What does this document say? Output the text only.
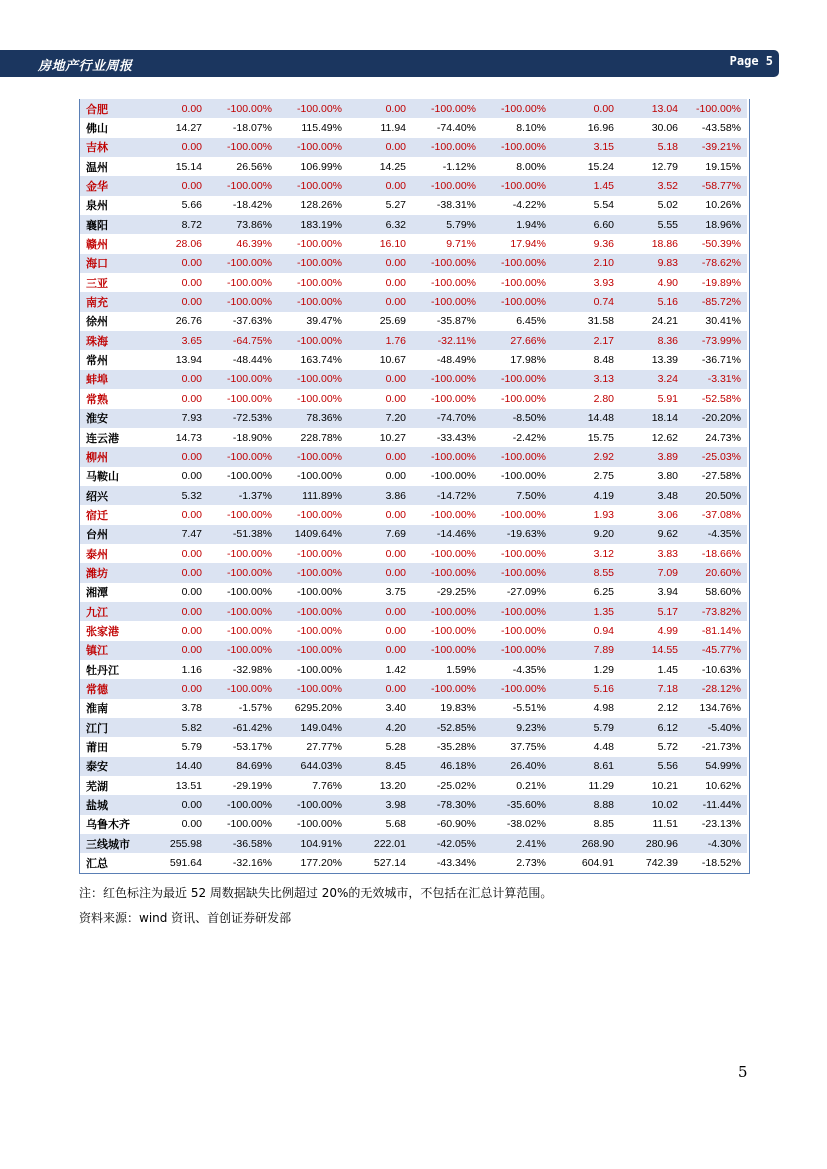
房地产行业周报	Page 5
合肥	0.00	-100.00%	-100.00%	0.00	-100.00%	-100.00%	0.00	13.04	-100.00%
佛山	14.27	-18.07%	115.49%	11.94	-74.40%	8.10%	16.96	30.06	-43.58%
吉林	0.00	-100.00%	-100.00%	0.00	-100.00%	-100.00%	3.15	5.18	-39.21%
温州	15.14	26.56%	106.99%	14.25	-1.12%	8.00%	15.24	12.79	19.15%
金华	0.00	-100.00%	-100.00%	0.00	-100.00%	-100.00%	1.45	3.52	-58.77%
泉州	5.66	-18.42%	128.26%	5.27	-38.31%	-4.22%	5.54	5.02	10.26%
襄阳	8.72	73.86%	183.19%	6.32	5.79%	1.94%	6.60	5.55	18.96%
赣州	28.06	46.39%	-100.00%	16.10	9.71%	17.94%	9.36	18.86	-50.39%
海口	0.00	-100.00%	-100.00%	0.00	-100.00%	-100.00%	2.10	9.83	-78.62%
三亚	0.00	-100.00%	-100.00%	0.00	-100.00%	-100.00%	3.93	4.90	-19.89%
南充	0.00	-100.00%	-100.00%	0.00	-100.00%	-100.00%	0.74	5.16	-85.72%
徐州	26.76	-37.63%	39.47%	25.69	-35.87%	6.45%	31.58	24.21	30.41%
珠海	3.65	-64.75%	-100.00%	1.76	-32.11%	27.66%	2.17	8.36	-73.99%
常州	13.94	-48.44%	163.74%	10.67	-48.49%	17.98%	8.48	13.39	-36.71%
蚌埠	0.00	-100.00%	-100.00%	0.00	-100.00%	-100.00%	3.13	3.24	-3.31%
常熟	0.00	-100.00%	-100.00%	0.00	-100.00%	-100.00%	2.80	5.91	-52.58%
淮安	7.93	-72.53%	78.36%	7.20	-74.70%	-8.50%	14.48	18.14	-20.20%
连云港	14.73	-18.90%	228.78%	10.27	-33.43%	-2.42%	15.75	12.62	24.73%
柳州	0.00	-100.00%	-100.00%	0.00	-100.00%	-100.00%	2.92	3.89	-25.03%
马鞍山	0.00	-100.00%	-100.00%	0.00	-100.00%	-100.00%	2.75	3.80	-27.58%
绍兴	5.32	-1.37%	111.89%	3.86	-14.72%	7.50%	4.19	3.48	20.50%
宿迁	0.00	-100.00%	-100.00%	0.00	-100.00%	-100.00%	1.93	3.06	-37.08%
台州	7.47	-51.38%	1409.64%	7.69	-14.46%	-19.63%	9.20	9.62	-4.35%
泰州	0.00	-100.00%	-100.00%	0.00	-100.00%	-100.00%	3.12	3.83	-18.66%
潍坊	0.00	-100.00%	-100.00%	0.00	-100.00%	-100.00%	8.55	7.09	20.60%
湘潭	0.00	-100.00%	-100.00%	3.75	-29.25%	-27.09%	6.25	3.94	58.60%
九江	0.00	-100.00%	-100.00%	0.00	-100.00%	-100.00%	1.35	5.17	-73.82%
张家港	0.00	-100.00%	-100.00%	0.00	-100.00%	-100.00%	0.94	4.99	-81.14%
镇江	0.00	-100.00%	-100.00%	0.00	-100.00%	-100.00%	7.89	14.55	-45.77%
牡丹江	1.16	-32.98%	-100.00%	1.42	1.59%	-4.35%	1.29	1.45	-10.63%
常德	0.00	-100.00%	-100.00%	0.00	-100.00%	-100.00%	5.16	7.18	-28.12%
淮南	3.78	-1.57%	6295.20%	3.40	19.83%	-5.51%	4.98	2.12	134.76%
江门	5.82	-61.42%	149.04%	4.20	-52.85%	9.23%	5.79	6.12	-5.40%
莆田	5.79	-53.17%	27.77%	5.28	-35.28%	37.75%	4.48	5.72	-21.73%
泰安	14.40	84.69%	644.03%	8.45	46.18%	26.40%	8.61	5.56	54.99%
芜湖	13.51	-29.19%	7.76%	13.20	-25.02%	0.21%	11.29	10.21	10.62%
盐城	0.00	-100.00%	-100.00%	3.98	-78.30%	-35.60%	8.88	10.02	-11.44%
乌鲁木齐	0.00	-100.00%	-100.00%	5.68	-60.90%	-38.02%	8.85	11.51	-23.13%
三线城市	255.98	-36.58%	104.91%	222.01	-42.05%	2.41%	268.90	280.96	-4.30%
汇总	591.64	-32.16%	177.20%	527.14	-43.34%	2.73%	604.91	742.39	-18.52%
注：红色标注为最近 52 周数据缺失比例超过 20%的无效城市，不包括在汇总计算范围。
资料来源：wind 资讯、首创证券研发部
5
